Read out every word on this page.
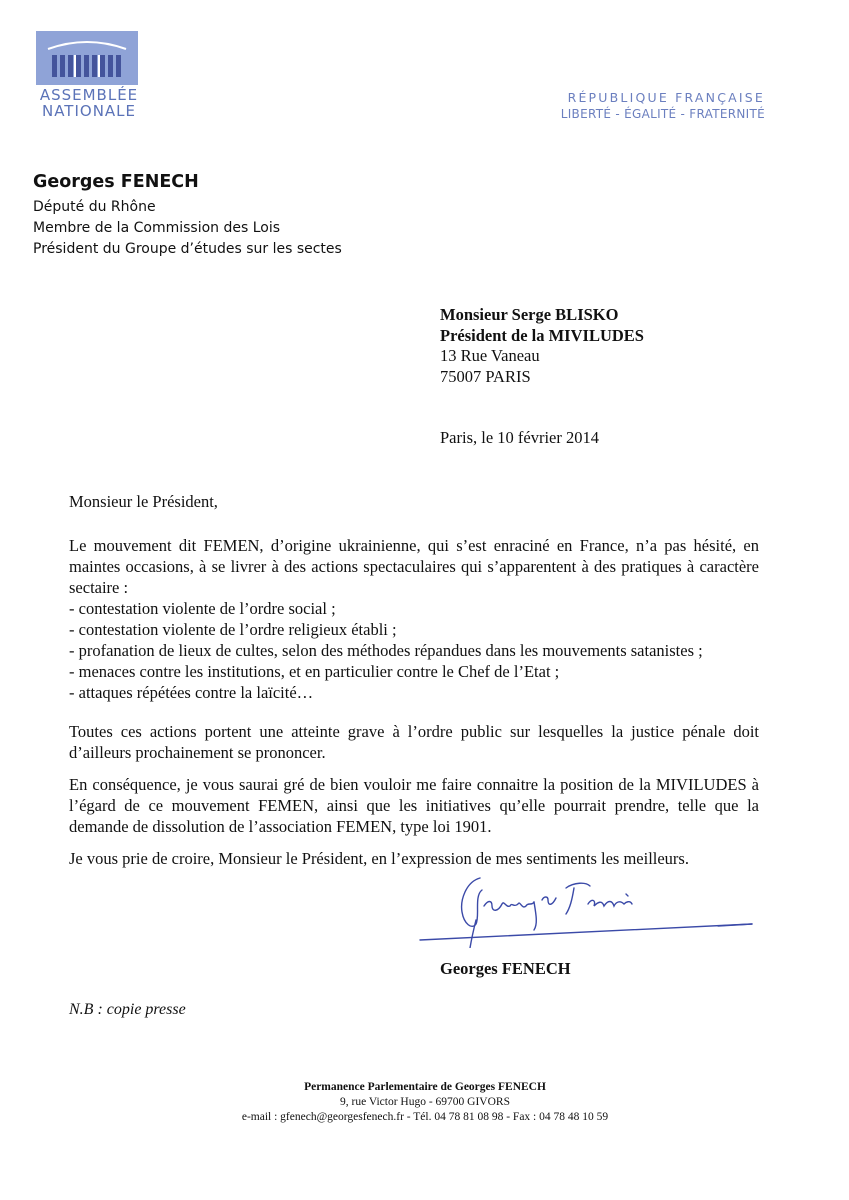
ASSEMBLÉE
NATIONALE
RÉPUBLIQUE FRANÇAISE
LIBERTÉ - ÉGALITÉ - FRATERNITÉ
Georges FENECH
Député du Rhône
Membre de la Commission des Lois
Président du Groupe d’études sur les sectes
Monsieur Serge BLISKO
Président de la MIVILUDES
13 Rue Vaneau
75007 PARIS
Paris, le 10 février 2014
Monsieur le Président,
Le mouvement dit FEMEN, d’origine ukrainienne, qui s’est enraciné en France, n’a pas hésité, en maintes occasions, à se livrer à des actions spectaculaires qui s’apparentent à des pratiques à caractère sectaire :
- contestation violente de l’ordre social ;
- contestation violente de l’ordre religieux établi ;
- profanation de lieux de cultes, selon des méthodes répandues dans les mouvements satanistes ;
- menaces contre les institutions, et en particulier contre le Chef de l’Etat ;
- attaques répétées contre la laïcité…
Toutes ces actions portent une atteinte grave à l’ordre public sur lesquelles la justice pénale doit d’ailleurs prochainement se prononcer.
En conséquence, je vous saurai gré de bien vouloir me faire connaitre la position de la MIVILUDES à l’égard de ce mouvement FEMEN, ainsi que les initiatives qu’elle pourrait prendre, telle que la demande de dissolution de l’association FEMEN, type loi 1901.
Je vous prie de croire, Monsieur le Président, en l’expression de mes sentiments les meilleurs.
Georges FENECH
N.B : copie presse
Permanence Parlementaire de Georges FENECH
9, rue Victor Hugo - 69700 GIVORS
e-mail : gfenech@georgesfenech.fr - Tél. 04 78 81 08 98 - Fax : 04 78 48 10 59
